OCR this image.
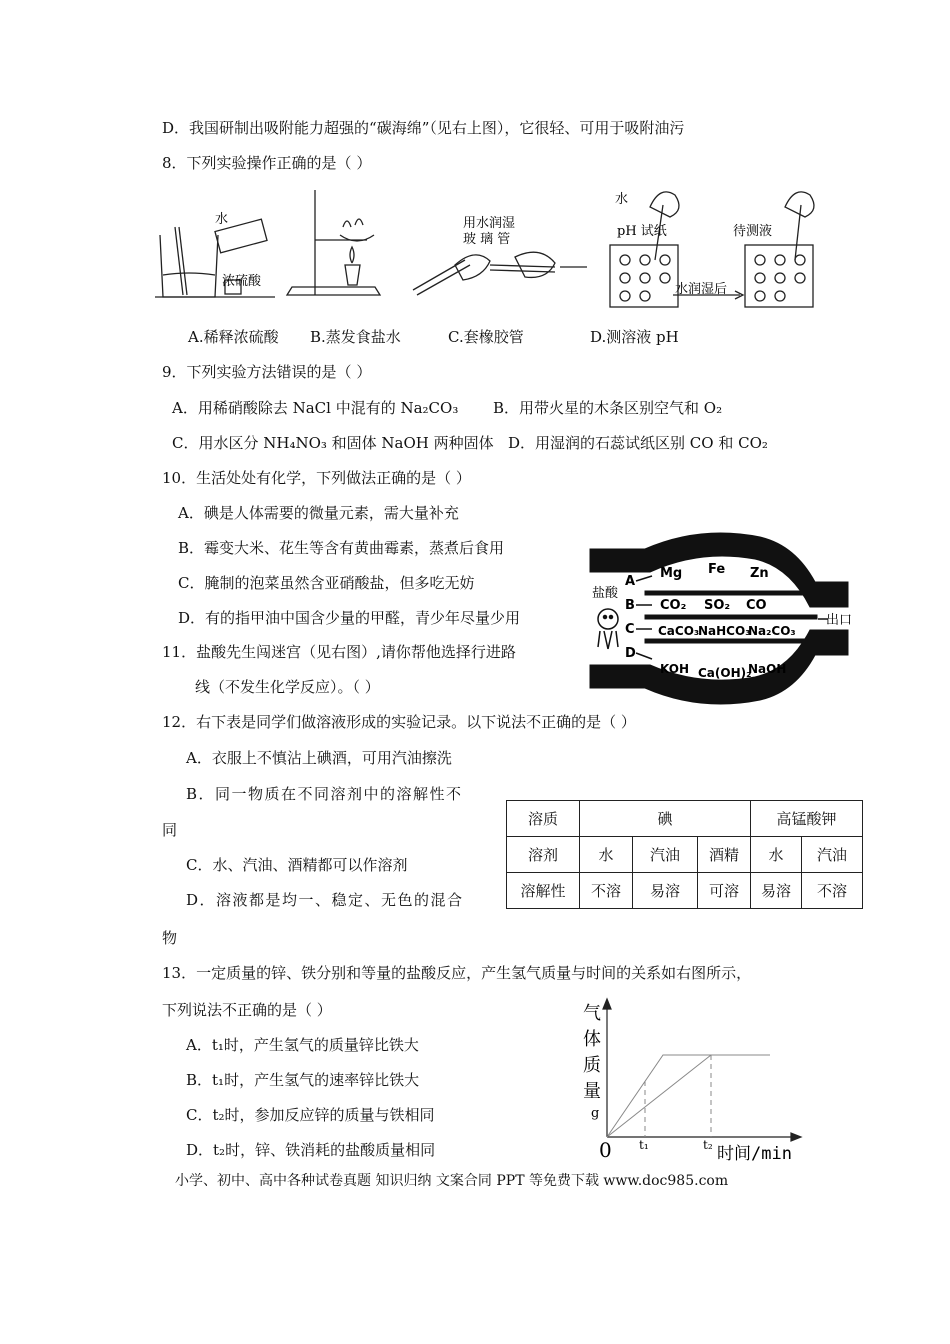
D．我国研制出吸附能力超强的“碳海绵”（见右上图），它很轻、可用于吸附油污
8．下列实验操作正确的是（ ）
水
浓硫酸
用水润湿
玻 璃 管
水
pH 试纸
水润湿后
待测液
A.稀释浓硫酸 B.蒸发食盐水	C.套橡胶管	D.测溶液 pH
9．下列实验方法错误的是（ ）
A．用稀硝酸除去 NaCl 中混有的 Na₂CO₃ B．用带火星的木条区别空气和 O₂
C．用水区分 NH₄NO₃ 和固体 NaOH 两种固体 D．用湿润的石蕊试纸区别 CO 和 CO₂
10．生活处处有化学，下列做法正确的是（ ）
A．碘是人体需要的微量元素，需大量补充
B．霉变大米、花生等含有黄曲霉素，蒸煮后食用
C．腌制的泡菜虽然含亚硝酸盐，但多吃无妨
D．有的指甲油中国含少量的甲醛，青少年尽量少用
盐酸
出口
A
Mg Fe Zn
B CO₂ SO₂ CO
C CaCO₃
NaHCO₃
Na₂CO₃
D
KOH Ca(OH)₂
NaOH
11．盐酸先生闯迷宫（见右图）,请你帮他选择行进路
线（不发生化学反应）。（ ）
12．右下表是同学们做溶液形成的实验记录。以下说法不正确的是（ ）
A．衣服上不慎沾上碘酒，可用汽油擦洗
B．同一物质在不同溶剂中的溶解性不
同
C．水、汽油、酒精都可以作溶剂
D．溶液都是均一、稳定、无色的混合
物
溶质	碘			高锰酸钾	
溶剂	水	汽油	酒精	水	汽油
溶解性	不溶	易溶	可溶	易溶	不溶
13．一定质量的锌、铁分别和等量的盐酸反应，产生氢气质量与时间的关系如右图所示，
下列说法不正确的是（ ）
A．t₁时，产生氢气的质量锌比铁大
B．t₁时，产生氢气的速率锌比铁大
C．t₂时，参加反应锌的质量与铁相同
D．t₂时，锌、铁消耗的盐酸质量相同
气
体
质
量
g
0 t₁	t₂ 时间/min
小学、初中、高中各种试卷真题 知识归纳 文案合同 PPT 等免费下载 www.doc985.com
